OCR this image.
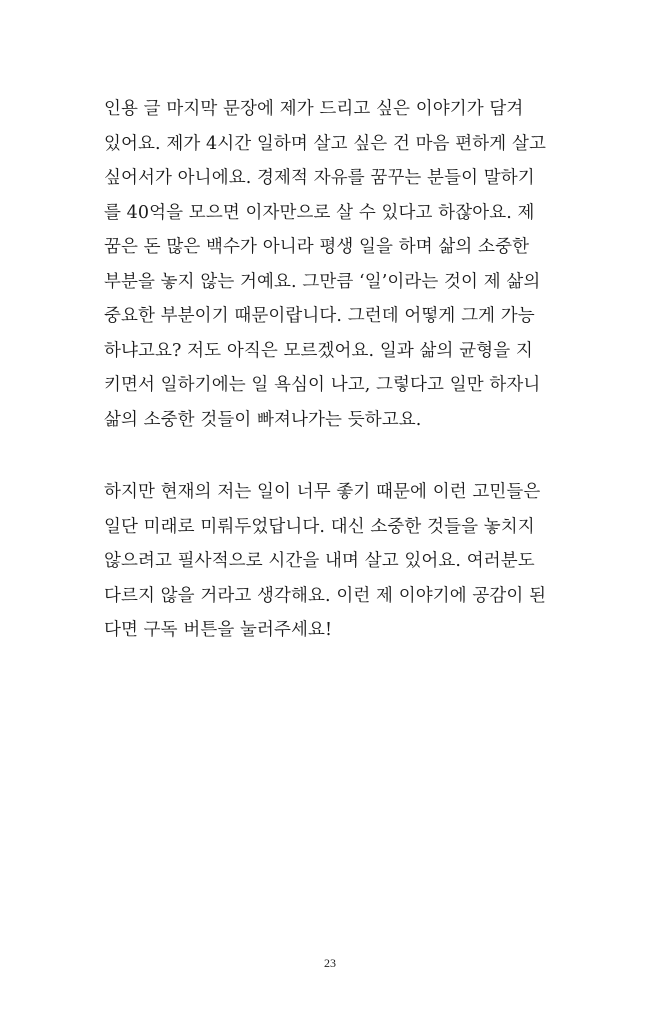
인용 글 마지막 문장에 제가 드리고 싶은 이야기가 담겨
있어요. 제가 4시간 일하며 살고 싶은 건 마음 편하게 살고
싶어서가 아니에요. 경제적 자유를 꿈꾸는 분들이 말하기
를 40억을 모으면 이자만으로 살 수 있다고 하잖아요. 제
꿈은 돈 많은 백수가 아니라 평생 일을 하며 삶의 소중한
부분을 놓지 않는 거예요. 그만큼 ‘일’이라는 것이 제 삶의
중요한 부분이기 때문이랍니다. 그런데 어떻게 그게 가능
하냐고요? 저도 아직은 모르겠어요. 일과 삶의 균형을 지
키면서 일하기에는 일 욕심이 나고, 그렇다고 일만 하자니
삶의 소중한 것들이 빠져나가는 듯하고요.

하지만 현재의 저는 일이 너무 좋기 때문에 이런 고민들은
일단 미래로 미뤄두었답니다. 대신 소중한 것들을 놓치지
않으려고 필사적으로 시간을 내며 살고 있어요. 여러분도
다르지 않을 거라고 생각해요. 이런 제 이야기에 공감이 된
다면 구독 버튼을 눌러주세요!

23
